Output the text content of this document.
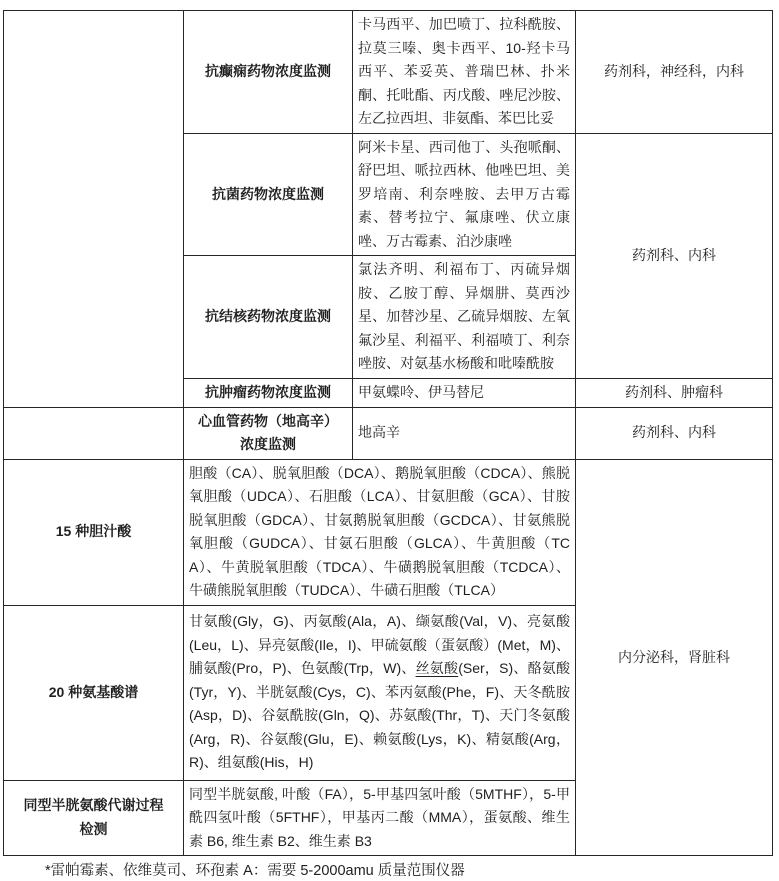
	抗癫痫药物浓度监测	卡马西平、加巴喷丁、拉科酰胺、拉莫三嗪、奥卡西平、10-羟卡马西平、苯妥英、普瑞巴林、扑米酮、托吡酯、丙戊酸、唑尼沙胺、左乙拉西坦、非氨酯、苯巴比妥	药剂科，神经科，内科
	抗菌药物浓度监测	阿米卡星、西司他丁、头孢哌酮、舒巴坦、哌拉西林、他唑巴坦、美罗培南、利奈唑胺、去甲万古霉素、替考拉宁、氟康唑、伏立康唑、万古霉素、泊沙康唑	药剂科、内科
	抗结核药物浓度监测	氯法齐明、利福布丁、丙硫异烟胺、乙胺丁醇、异烟肼、莫西沙星、加替沙星、乙硫异烟胺、左氧氟沙星、利福平、利福喷丁、利奈唑胺、对氨基水杨酸和吡嗪酰胺	
	抗肿瘤药物浓度监测	甲氨蝶呤、伊马替尼	药剂科、肿瘤科
	心血管药物（地高辛）浓度监测	地高辛	药剂科、内科
15 种胆汁酸	胆酸（CA）、脱氧胆酸（DCA）、鹅脱氧胆酸（CDCA）、熊脱氧胆酸（UDCA）、石胆酸（LCA）、甘氨胆酸（GCA）、甘胺脱氧胆酸（GDCA）、甘氨鹅脱氧胆酸（GCDCA）、甘氨熊脱氧胆酸（GUDCA）、甘氨石胆酸（GLCA）、牛黄胆酸（TCA）、牛黄脱氧胆酸（TDCA）、牛磺鹅脱氧胆酸（TCDCA）、牛磺熊脱氧胆酸（TUDCA）、牛磺石胆酸（TLCA）		内分泌科，肾脏科
20 种氨基酸谱	甘氨酸(Gly，G)、丙氨酸(Ala，A)、缬氨酸(Val，V)、亮氨酸(Leu，L)、异亮氨酸(Ile，I)、甲硫氨酸（蛋氨酸）(Met，M)、脯氨酸(Pro，P)、色氨酸(Trp，W)、丝氨酸(Ser，S)、酪氨酸(Tyr，Y)、半胱氨酸(Cys，C)、苯丙氨酸(Phe，F)、天冬酰胺(Asp，D)、谷氨酰胺(Gln，Q)、苏氨酸(Thr，T)、天门冬氨酸(Arg，R)、谷氨酸(Glu，E)、赖氨酸(Lys，K)、精氨酸(Arg，R)、组氨酸(His，H)		
同型半胱氨酸代谢过程检测	同型半胱氨酸, 叶酸（FA），5-甲基四氢叶酸（5MTHF），5-甲酰四氢叶酸（5FTHF），甲基丙二酸（MMA），蛋氨酸、维生素 B6, 维生素 B2、维生素 B3		
*雷帕霉素、依维莫司、环孢素 A：需要 5-2000amu 质量范围仪器
